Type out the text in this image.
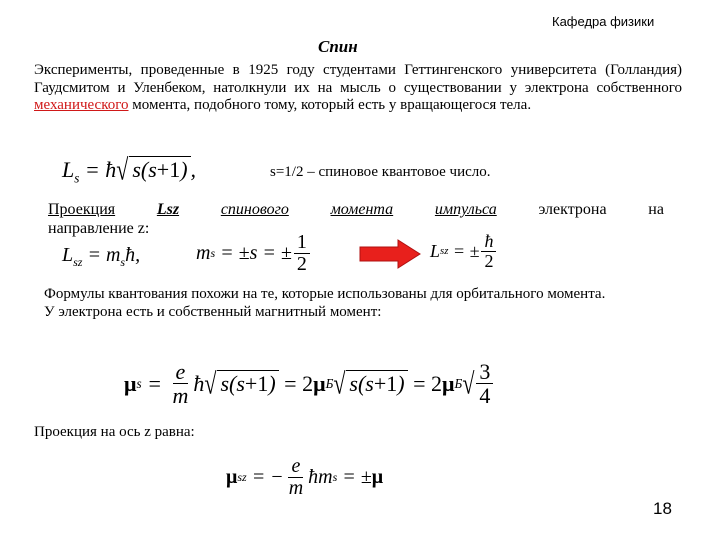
Кафедра физики
Спин
Эксперименты, проведенные в 1925 году студентами Геттингенского университета (Голландия) Гаудсмитом и Уленбеком, натолкнули их на мысль о существовании у электрона собственного механического момента, подобного тому, который есть у вращающегося тела.
$L_s$ = ħ√ s(s+1) ,	s=1/2 – спиновое квантовое число.
Проекция	Lsz	спинового	момента	импульса	электрона	на
направление z:
$L_{sz}$ = $m_sħ$,	m s = ±s = ± $\frac{1}{2}$	L sz = ± $\frac{ħ}{2}$
Формулы квантования похожи на те, которые использованы для орбитального момента.
У электрона есть и собственный магнитный момент:
μ $s = \frac{e}{m}$ ħ √ s(s+1)
= 2 μ Б √ s(s+1)
= 2 μ Б √ $\frac{3}{4}$
Проекция на ось z равна:
μ sz = − $\frac{e}{m}$ ħm s = ± μ
18
